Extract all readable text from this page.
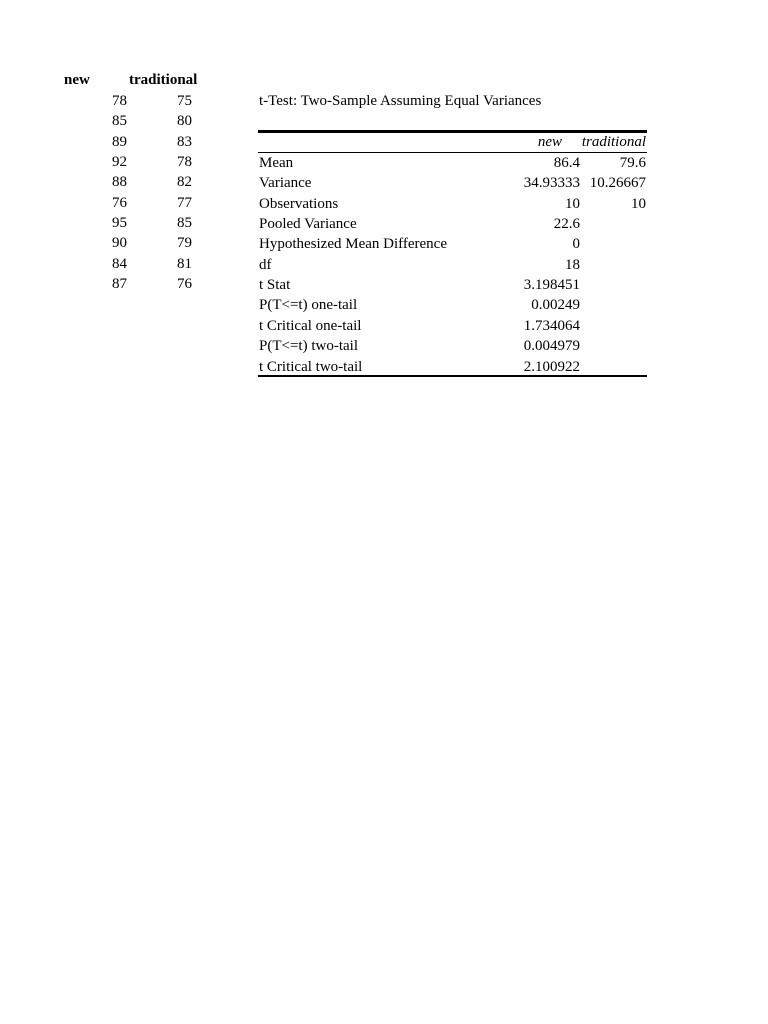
new	traditional
78	75
85	80
89	83
92	78
88	82
76	77
95	85
90	79
84	81
87	76
t-Test: Two-Sample Assuming Equal Variances
new	traditional
Mean	86.4	79.6
Variance	34.93333 10.26667
Observations	10	10
Pooled Variance	22.6
Hypothesized Mean Difference	0
df	18
t Stat	3.198451
P(T<=t) one-tail	0.00249
t Critical one-tail	1.734064
P(T<=t) two-tail	0.004979
t Critical two-tail	2.100922
